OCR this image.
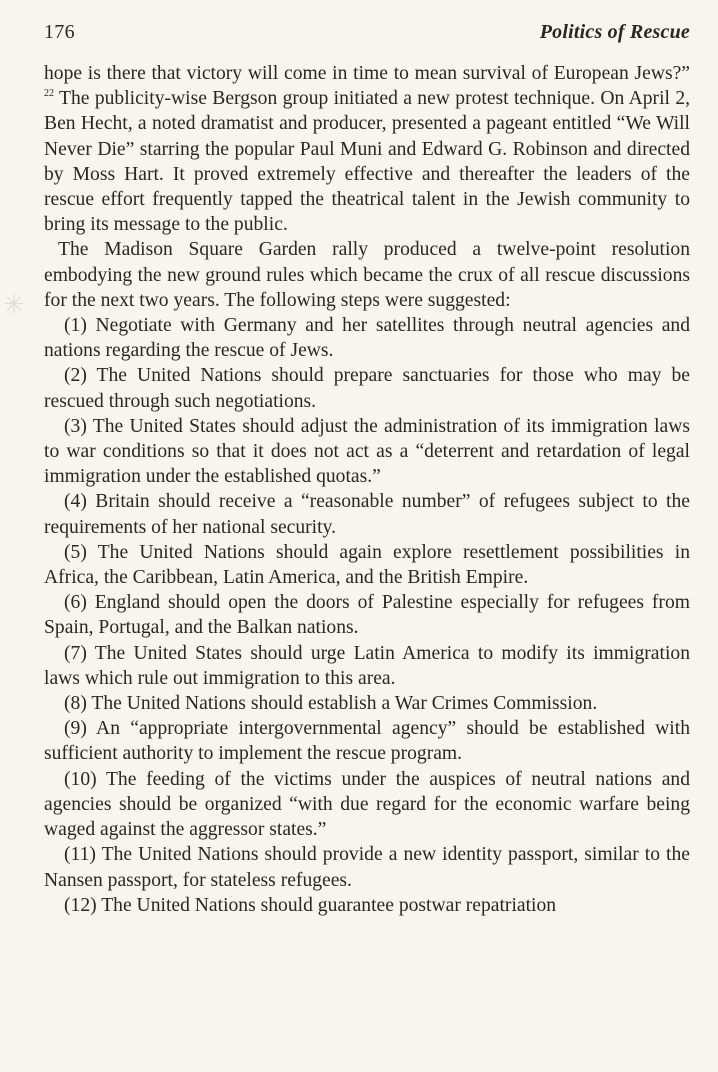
176	Politics of Rescue

hope is there that victory will come in time to mean survival of European Jews?” $^{22}$ The publicity-wise Bergson group initiated a new protest technique. On April 2, Ben Hecht, a noted dramatist and producer, presented a pageant entitled “We Will Never Die” starring the popular Paul Muni and Edward G. Robinson and directed by Moss Hart. It proved extremely effective and thereafter the leaders of the rescue effort frequently tapped the theatrical talent in the Jewish community to bring its message to the public.

The Madison Square Garden rally produced a twelve-point resolution embodying the new ground rules which became the crux of all rescue discussions for the next two years. The following steps were suggested:

(1) Negotiate with Germany and her satellites through neutral agencies and nations regarding the rescue of Jews.

(2) The United Nations should prepare sanctuaries for those who may be rescued through such negotiations.

(3) The United States should adjust the administration of its immigration laws to war conditions so that it does not act as a “deterrent and retardation of legal immigration under the established quotas.”

(4) Britain should receive a “reasonable number” of refugees subject to the requirements of her national security.

(5) The United Nations should again explore resettlement possibilities in Africa, the Caribbean, Latin America, and the British Empire.

(6) England should open the doors of Palestine especially for refugees from Spain, Portugal, and the Balkan nations.

(7) The United States should urge Latin America to modify its immigration laws which rule out immigration to this area.

(8) The United Nations should establish a War Crimes Commission.

(9) An “appropriate intergovernmental agency” should be established with sufficient authority to implement the rescue program.

(10) The feeding of the victims under the auspices of neutral nations and agencies should be organized “with due regard for the economic warfare being waged against the aggressor states.”

(11) The United Nations should provide a new identity passport, similar to the Nansen passport, for stateless refugees.

(12) The United Nations should guarantee postwar repatriation

✳
